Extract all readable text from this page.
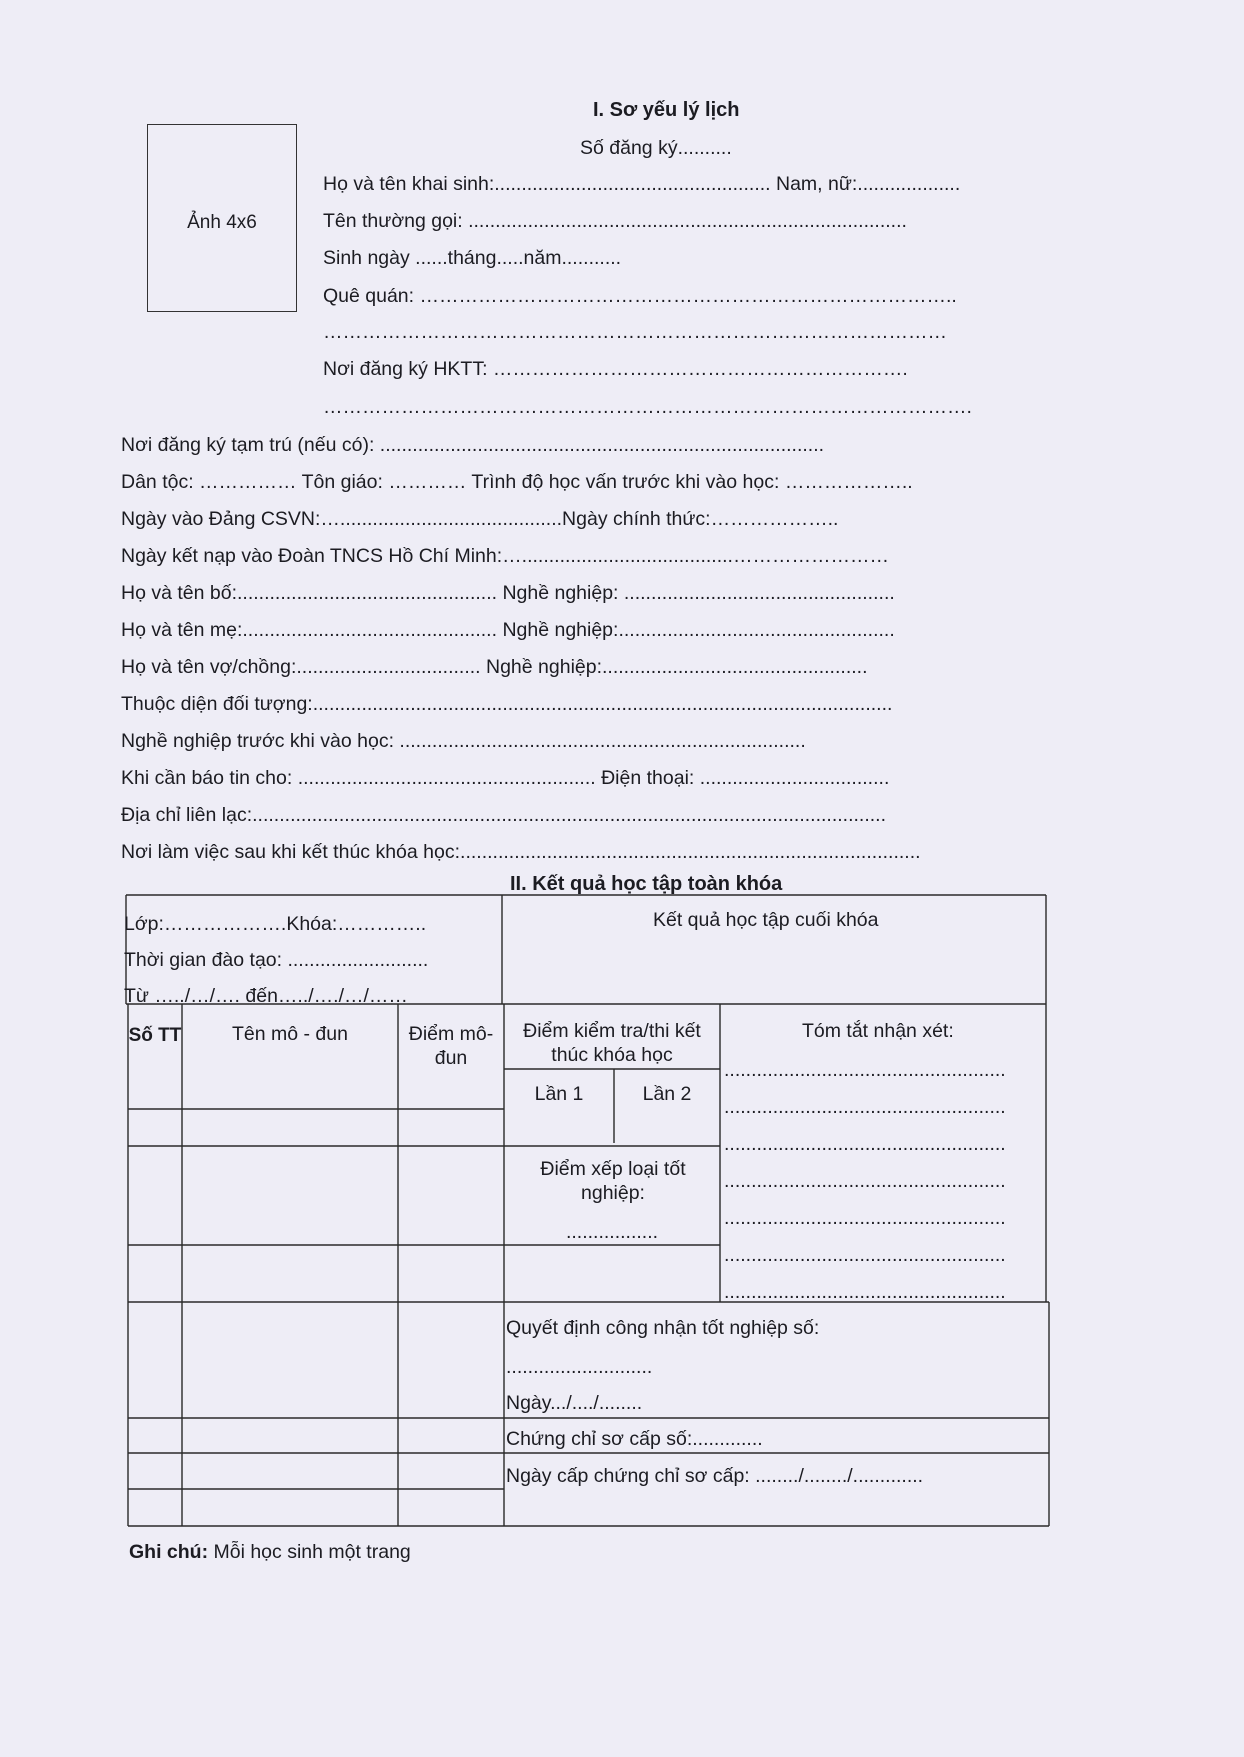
I. Sơ yếu lý lịch
Số đăng ký..........
Ảnh 4x6
Họ và tên khai sinh:................................................... Nam, nữ:...................
Tên thường gọi: .................................................................................
Sinh ngày ......tháng.....năm...........
Quê quán: ………………………………………………………………………..
……………………………………………………………………………………
Nơi đăng ký HKTT: ……………………………………………………….
……………………………………………………………………………………….
Nơi đăng ký tạm trú (nếu có): ..................................................................................
Dân tộc: …………… Tôn giáo: ………… Trình độ học vấn trước khi vào học: ………………..
Ngày vào Đảng CSVN:….........................................Ngày chính thức:………………..
Ngày kết nạp vào Đoàn TNCS Hồ Chí Minh:….......................................……………………
Họ và tên bố:................................................ Nghề nghiệp: ..................................................
Họ và tên mẹ:............................................... Nghề nghiệp:...................................................
Họ và tên vợ/chồng:.................................. Nghề nghiệp:.................................................
Thuộc diện đối tượng:...........................................................................................................
Nghề nghiệp trước khi vào học: ...........................................................................
Khi cần báo tin cho: ....................................................... Điện thoại: ...................................
Địa chỉ liên lạc:.....................................................................................................................
Nơi làm việc sau khi kết thúc khóa học:.....................................................................................
II. Kết quả học tập toàn khóa
Lớp:……………….Khóa:…………..
Thời gian đào tạo: ..........................
Từ …../…/…. đến…../…./…/……
Kết quả học tập cuối khóa
Số TT	Tên mô - đun	Điểm mô-đun
Điểm kiểm tra/thi kết thúc khóa học
Lần 1	Lần 2
Tóm tắt nhận xét:
....................................................
....................................................
....................................................
....................................................
....................................................
....................................................
....................................................
Điểm xếp loại tốt nghiệp:
.................
Quyết định công nhận tốt nghiệp số:
...........................
Ngày.../..../........
Chứng chỉ sơ cấp số:.............
Ngày cấp chứng chỉ sơ cấp: ......../......../.............
Ghi chú: Mỗi học sinh một trang
